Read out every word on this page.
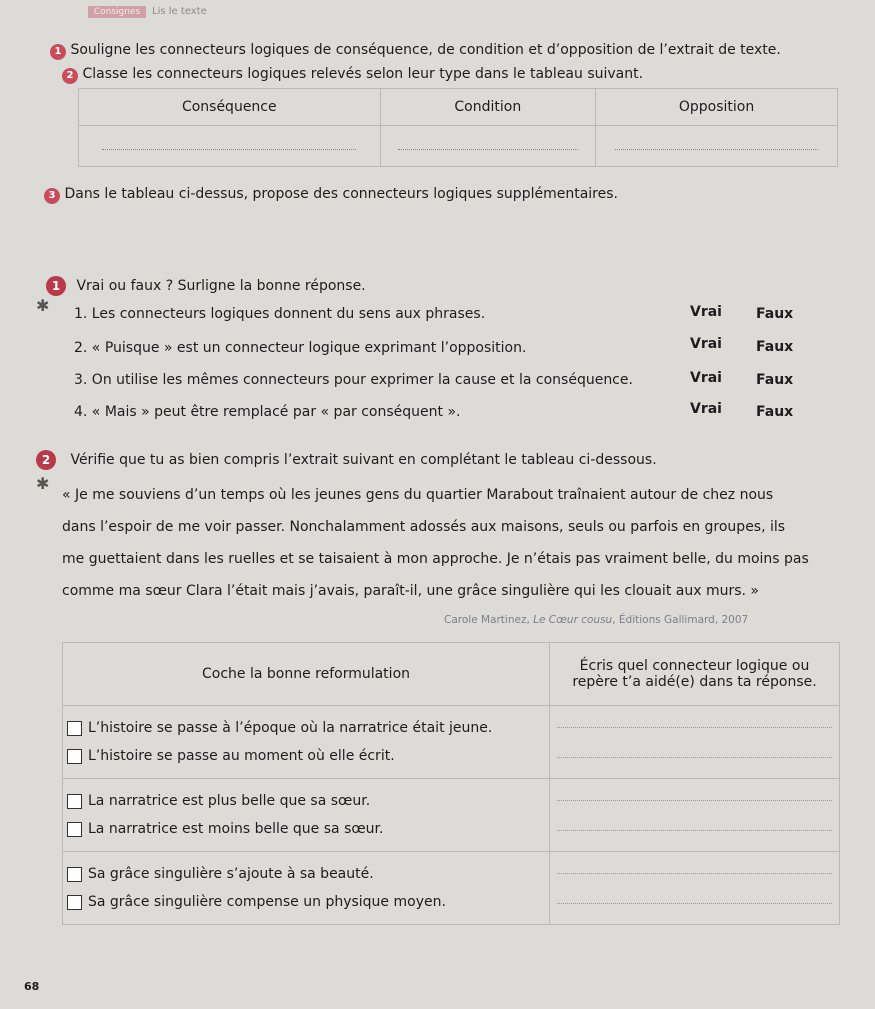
Consignes	Lis le texte
1 Souligne les connecteurs logiques de conséquence, de condition et d’opposition de l’extrait de texte.
2 Classe les connecteurs logiques relevés selon leur type dans le tableau suivant.
Conséquence	Condition	Opposition

3 Dans le tableau ci-dessus, propose des connecteurs logiques supplémentaires.
1 Vrai ou faux ? Surligne la bonne réponse.
✱ 1. Les connecteurs logiques donnent du sens aux phrases.	Vrai Faux
2. « Puisque » est un connecteur logique exprimant l’opposition.	Vrai Faux
3. On utilise les mêmes connecteurs pour exprimer la cause et la conséquence.	Vrai Faux
4. « Mais » peut être remplacé par « par conséquent ».	Vrai Faux
2 Vérifie que tu as bien compris l’extrait suivant en complétant le tableau ci-dessous.
✱
« Je me souviens d’un temps où les jeunes gens du quartier Marabout traînaient autour de chez nous
dans l’espoir de me voir passer. Nonchalamment adossés aux maisons, seuls ou parfois en groupes, ils
me guettaient dans les ruelles et se taisaient à mon approche. Je n’étais pas vraiment belle, du moins pas
comme ma sœur Clara l’était mais j’avais, paraît-il, une grâce singulière qui les clouait aux murs. »
Carole Martinez, Le Cœur cousu, Éditions Gallimard, 2007
Coche la bonne reformulation	Écris quel connecteur logique ou
repère t’a aidé(e) dans ta réponse.

L’histoire se passe à l’époque où la narratrice était jeune.
L’histoire se passe au moment où elle écrit.	

La narratrice est plus belle que sa sœur.
La narratrice est moins belle que sa sœur.	

Sa grâce singulière s’ajoute à sa beauté.
Sa grâce singulière compense un physique moyen.	

68
